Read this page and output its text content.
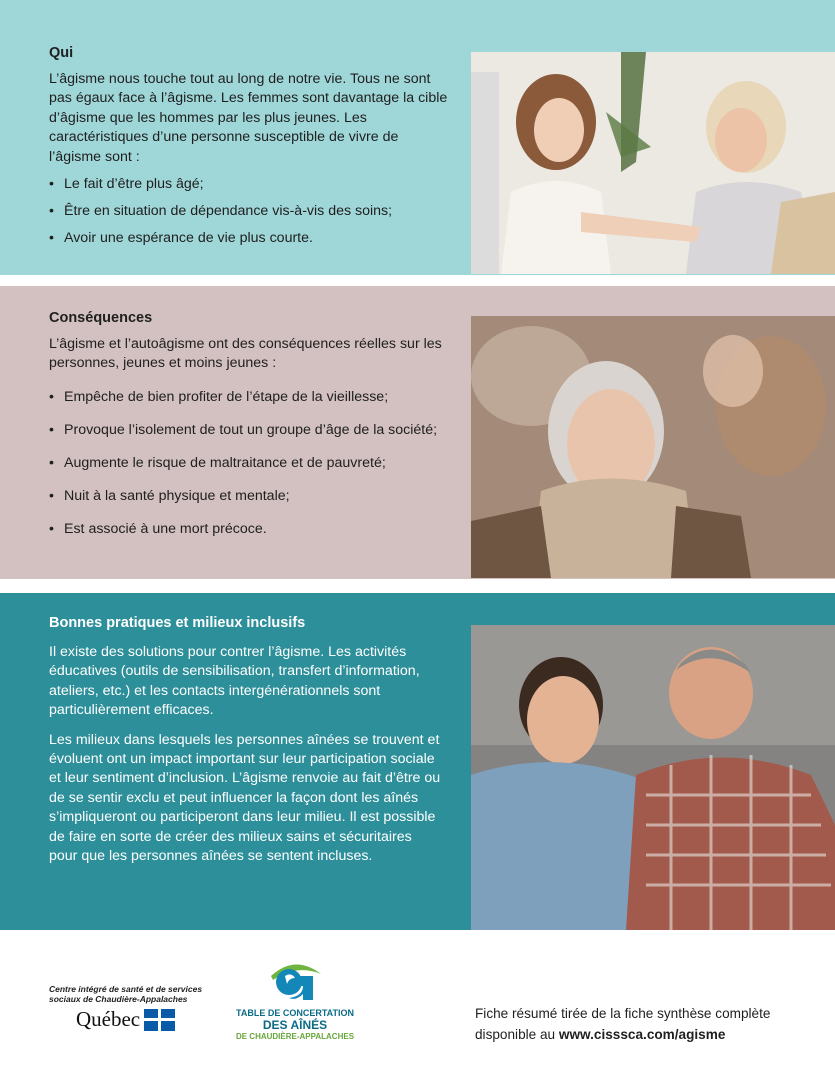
Qui

L’âgisme nous touche tout au long de notre vie. Tous ne sont pas égaux face à l’âgisme. Les femmes sont davantage la cible d’âgisme que les hommes par les plus jeunes. Les caractéristiques d’une personne susceptible de vivre de l’âgisme sont :

• Le fait d’être plus âgé;
• Être en situation de dépendance vis-à-vis des soins;
• Avoir une espérance de vie plus courte.
Conséquences

L’âgisme et l’autoâgisme ont des conséquences réelles sur les personnes, jeunes et moins jeunes :

• Empêche de bien profiter de l’étape de la vieillesse;
• Provoque l’isolement de tout un groupe d’âge de la société;
• Augmente le risque de maltraitance et de pauvreté;
• Nuit à la santé physique et mentale;
• Est associé à une mort précoce.
Bonnes pratiques et milieux inclusifs

Il existe des solutions pour contrer l’âgisme. Les activités éducatives (outils de sensibilisation, transfert d’information, ateliers, etc.) et les contacts intergénérationnels sont particulièrement efficaces.

Les milieux dans lesquels les personnes aînées se trouvent et évoluent ont un impact important sur leur participation sociale et leur sentiment d’inclusion. L’âgisme renvoie au fait d’être ou de se sentir exclu et peut influencer la façon dont les aînés s’impliqueront ou participeront dans leur milieu. Il est possible de faire en sorte de créer des milieux sains et sécuritaires pour que les personnes aînées se sentent incluses.

Centre intégré de santé et de services sociaux de Chaudière-Appalaches
Québec	TABLE DE CONCERTATION
DES AÎNÉS
DE CHAUDIÈRE-APPALACHES
Fiche résumé tirée de la fiche synthèse complète
disponible au www.cisssca.com/agisme
